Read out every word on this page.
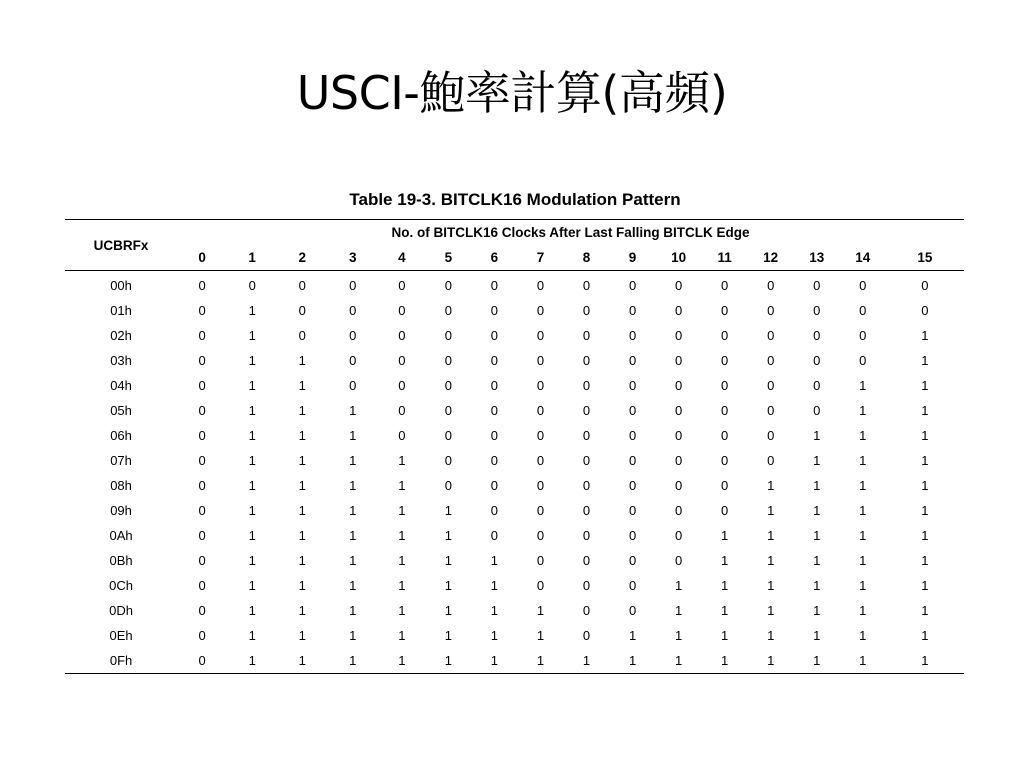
USCI-鮑率計算(高頻)
Table 19-3. BITCLK16 Modulation Pattern
UCBRFx	No. of BITCLK16 Clocks After Last Falling BITCLK Edge															
	0	1	2	3	4	5	6	7	8	9	10	11	12	13	14	15
00h	0	0	0	0	0	0	0	0	0	0	0	0	0	0	0	0
01h	0	1	0	0	0	0	0	0	0	0	0	0	0	0	0	0
02h	0	1	0	0	0	0	0	0	0	0	0	0	0	0	0	1
03h	0	1	1	0	0	0	0	0	0	0	0	0	0	0	0	1
04h	0	1	1	0	0	0	0	0	0	0	0	0	0	0	1	1
05h	0	1	1	1	0	0	0	0	0	0	0	0	0	0	1	1
06h	0	1	1	1	0	0	0	0	0	0	0	0	0	1	1	1
07h	0	1	1	1	1	0	0	0	0	0	0	0	0	1	1	1
08h	0	1	1	1	1	0	0	0	0	0	0	0	1	1	1	1
09h	0	1	1	1	1	1	0	0	0	0	0	0	1	1	1	1
0Ah	0	1	1	1	1	1	0	0	0	0	0	1	1	1	1	1
0Bh	0	1	1	1	1	1	1	0	0	0	0	1	1	1	1	1
0Ch	0	1	1	1	1	1	1	0	0	0	1	1	1	1	1	1
0Dh	0	1	1	1	1	1	1	1	0	0	1	1	1	1	1	1
0Eh	0	1	1	1	1	1	1	1	0	1	1	1	1	1	1	1
0Fh	0	1	1	1	1	1	1	1	1	1	1	1	1	1	1	1
